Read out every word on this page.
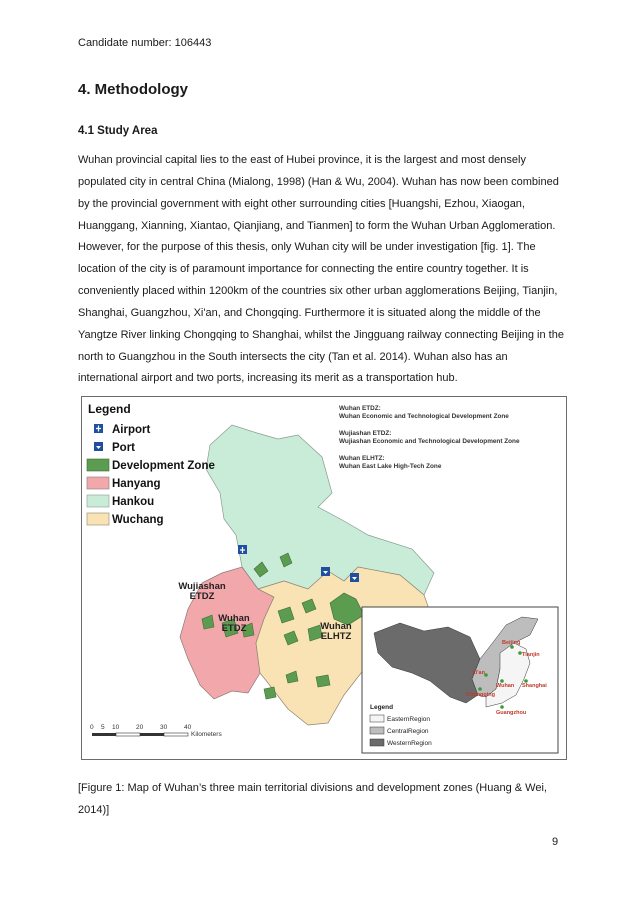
Candidate number: 106443
4. Methodology
4.1 Study Area
Wuhan provincial capital lies to the east of Hubei province, it is the largest and most densely
populated city in central China (Mialong, 1998) (Han & Wu, 2004). Wuhan has now been combined
by the provincial government with eight other surrounding cities [Huangshi, Ezhou, Xiaogan,
Huanggang, Xianning, Xiantao, Qianjiang, and Tianmen] to form the Wuhan Urban Agglomeration.
However, for the purpose of this thesis, only Wuhan city will be under investigation [fig. 1]. The
location of the city is of paramount importance for connecting the entire country together. It is
conveniently placed within 1200km of the countries six other urban agglomerations Beijing, Tianjin,
Shanghai, Guangzhou, Xi'an, and Chongqing. Furthermore it is situated along the middle of the
Yangtze River linking Chongqing to Shanghai, whilst the Jingguang railway connecting Beijing in the
north to Guangzhou in the South intersects the city (Tan et al. 2014). Wuhan also has an
international airport and two ports, increasing its merit as a transportation hub.
Wujiashan ETDZ
Wuhan ETDZ	Wuhan ELHTZ
Legend
Airport
Port
Development Zone
Hanyang
Hankou
Wuchang
Wuhan ETDZ:
Wuhan Economic and Technological Development Zone
Wujiashan ETDZ:
Wujiashan Economic and Technological Development Zone
Wuhan ELHTZ:
Wuhan East Lake High-Tech Zone
0 5 10	20	30	40
Kilometers
Beijing
Tianjin
Xi'an
Wuhan Shanghai
Chongqing
Guangzhou
Legend
EasternRegion
CentralRegion
WesternRegion
[Figure 1: Map of Wuhan’s three main territorial divisions and development zones (Huang & Wei,
2014)]
9
